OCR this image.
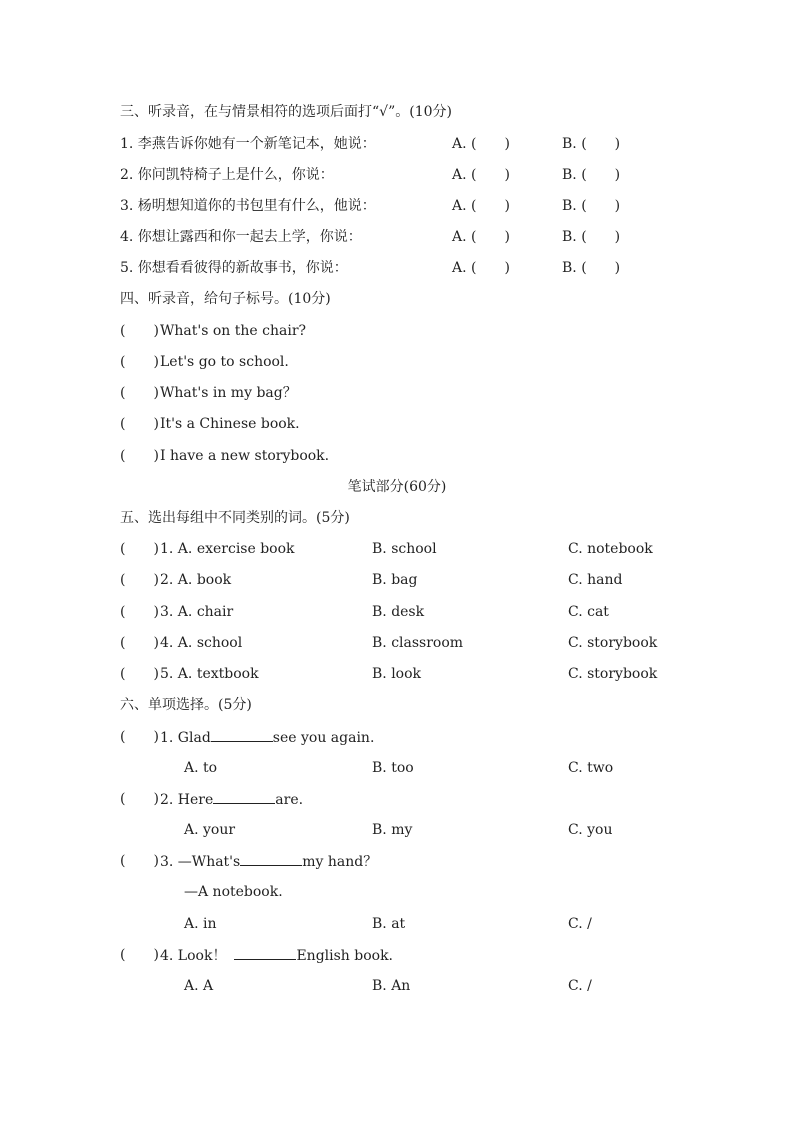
三、听录音，在与情景相符的选项后面打“√”。(10分)
1. 李燕告诉你她有一个新笔记本，她说：	A. (　　)	B. (　　)
2. 你问凯特椅子上是什么，你说：	A. (　　)	B. (　　)
3. 杨明想知道你的书包里有什么，他说：	A. (　　)	B. (　　)
4. 你想让露西和你一起去上学，你说：	A. (　　)	B. (　　)
5. 你想看看彼得的新故事书，你说：	A. (　　)	B. (　　)
四、听录音，给句子标号。(10分)
(　　) What's on the chair?
(　　) Let's go to school.
(　　) What's in my bag？
(　　) It's a Chinese book.
(　　) I have a new storybook.
笔试部分(60分)
五、选出每组中不同类别的词。(5分)
(　　) 1. A. exercise book	B. school	C. notebook
(　　) 2. A. book	B. bag	C. hand
(　　) 3. A. chair	B. desk	C. cat
(　　) 4. A. school	B. classroom	C. storybook
(　　) 5. A. textbook	B. look	C. storybook
六、单项选择。(5分)
(　　) 1. Glad	see you again.
A. to	B. too	C. two
(　　) 2. Here	are.
A. your	B. my	C. you
(　　) 3. —What's	my hand？
—A notebook.
A. in	B. at	C. /
(　　) 4. Look！	English book.
A. A	B. An	C. /
